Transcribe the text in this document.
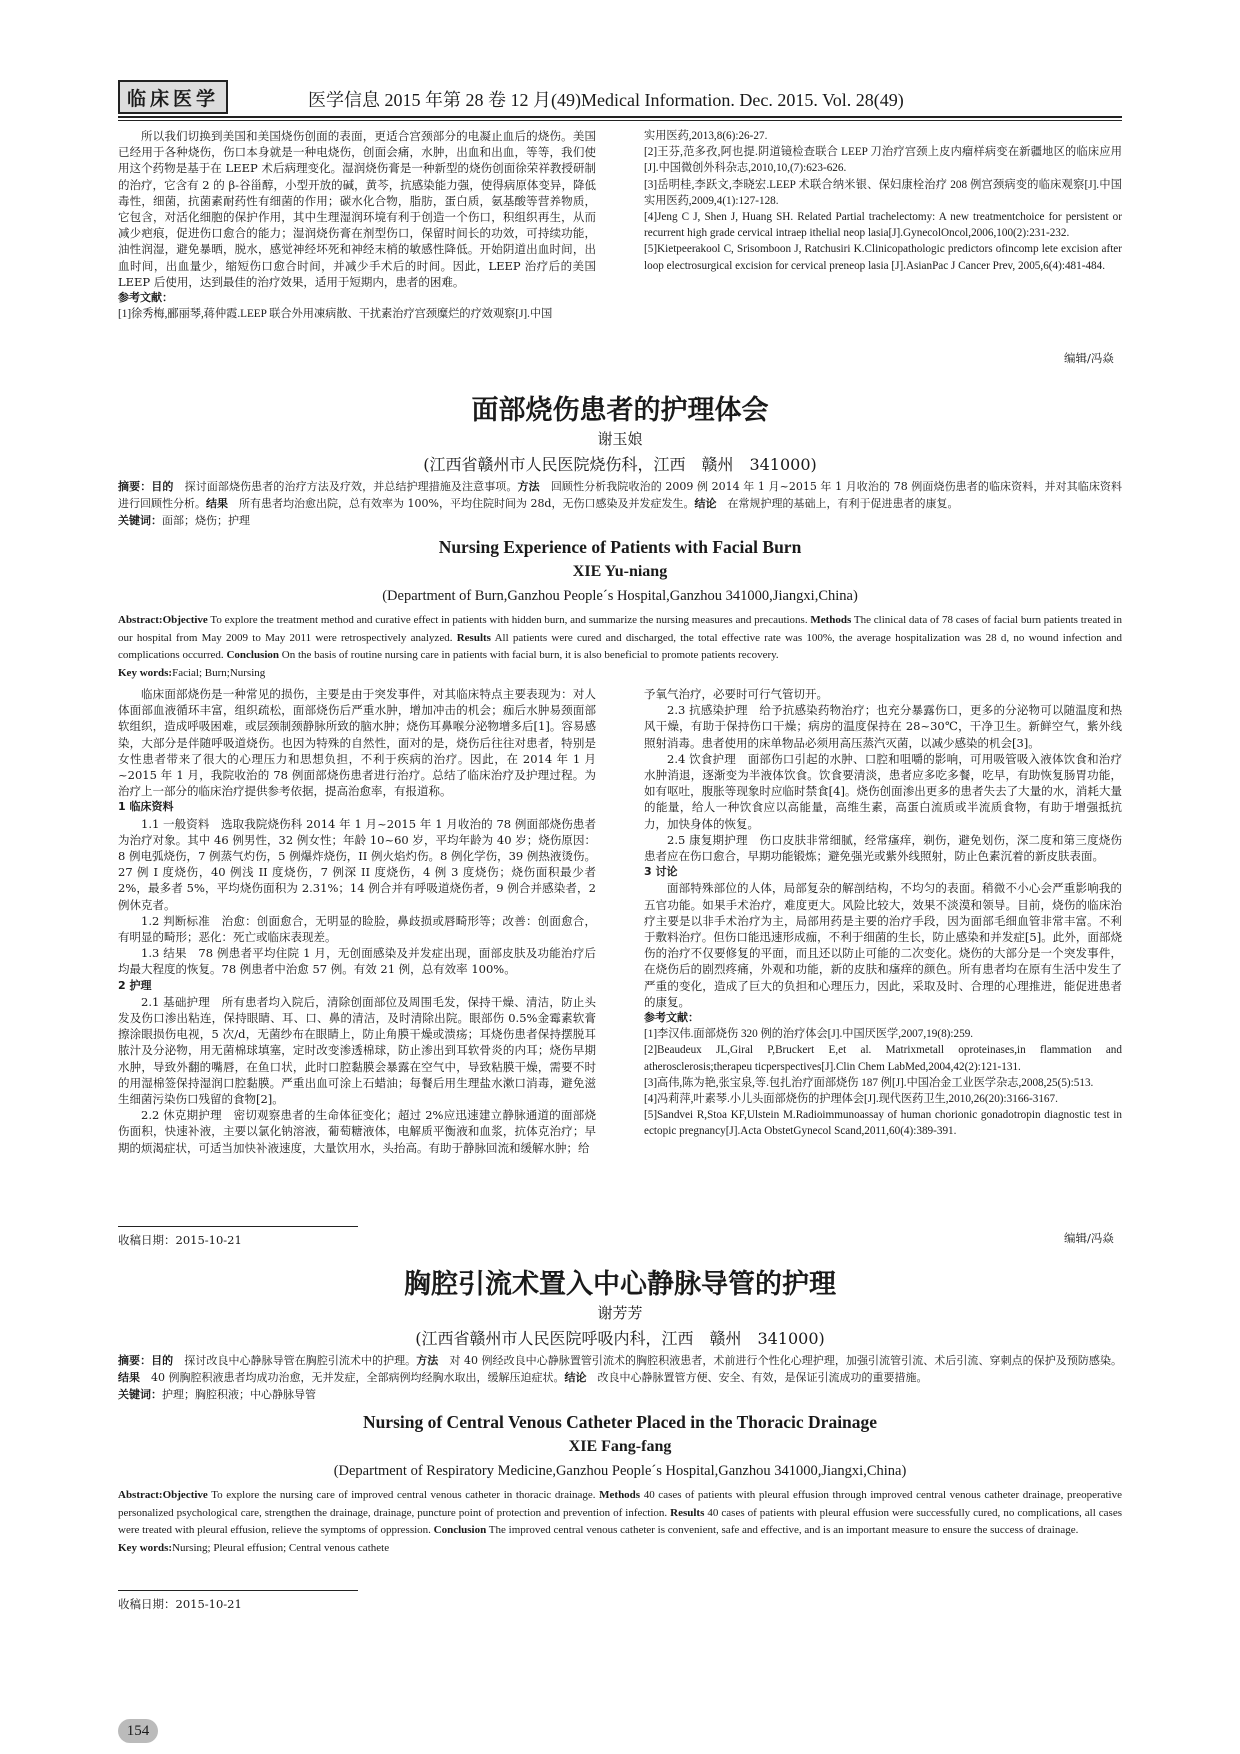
临床医学	医学信息 2015 年第 28 卷 12 月(49)Medical Information. Dec. 2015. Vol. 28(49)

所以我们切换到美国和美国烧伤创面的表面，更适合宫颈部分的电凝止血后的烧伤。美国已经用于各种烧伤，伤口本身就是一种电烧伤，创面会痛，水肿，出血和出血，等等，我们使用这个药物是基于在 LEEP 术后病理变化。湿润烧伤膏是一种新型的烧伤创面徐荣祥教授研制的治疗，它含有 2 的 β-谷甾醇，小型开放的碱，黄芩，抗感染能力强，使得病原体变异，降低毒性，细菌，抗菌素耐药性有细菌的作用；碳水化合物，脂肪，蛋白质，氨基酸等营养物质，它包含，对活化细胞的保护作用，其中生理湿润环境有利于创造一个伤口，积组织再生，从而减少疤痕，促进伤口愈合的能力；湿润烧伤膏在剂型伤口，保留时间长的功效，可持续功能，油性润湿，避免暴晒，脱水，感觉神经坏死和神经末梢的敏感性降低。开始阴道出血时间，出血时间，出血量少，缩短伤口愈合时间，并减少手术后的时间。因此，LEEP 治疗后的美国 LEEP 后使用，达到最佳的治疗效果，适用于短期内，患者的困难。

参考文献：
[1]徐秀梅,郦丽琴,蒋仲霞.LEEP 联合外用凍病散、干扰素治疗宫颈糜烂的疗效观察[J].中国
实用医药,2013,8(6):26-27.
[2]王芬,范多孜,阿也提.阴道镜检查联合 LEEP 刀治疗宫颈上皮内瘤样病变在新疆地区的临床应用[J].中国微创外科杂志,2010,10,(7):623-626.
[3]岳明桂,李跃文,李晓宏.LEEP 术联合纳米银、保妇康栓治疗 208 例宫颈病变的临床观察[J].中国实用医药,2009,4(1):127-128.
[4]Jeng C J, Shen J, Huang SH. Related Partial trachelectomy: A new treatmentchoice for persistent or recurrent high grade cervical intraep ithelial neop lasia[J].GynecolOncol,2006,100(2):231-232.
[5]Kietpeerakool C, Srisomboon J, Ratchusiri K.Clinicopathologic predictors ofincomp lete excision after loop electrosurgical excision for cervical preneop lasia [J].AsianPac J Cancer Prev, 2005,6(4):481-484.
编辑/冯焱
面部烧伤患者的护理体会
谢玉娘
(江西省赣州市人民医院烧伤科，江西　赣州　341000)
摘要：目的　探讨面部烧伤患者的治疗方法及疗效，并总结护理措施及注意事项。方法　回顾性分析我院收治的 2009 例 2014 年 1 月~2015 年 1 月收治的 78 例面烧伤患者的临床资料，并对其临床资料进行回顾性分析。结果　所有患者均治愈出院，总有效率为 100%，平均住院时间为 28d，无伤口感染及并发症发生。结论　在常规护理的基础上，有利于促进患者的康复。
关键词：面部；烧伤；护理
Nursing Experience of Patients with Facial Burn
XIE Yu-niang
(Department of Burn,Ganzhou People´s Hospital,Ganzhou 341000,Jiangxi,China)
Abstract:Objective To explore the treatment method and curative effect in patients with hidden burn, and summarize the nursing measures and precautions. Methods The clinical data of 78 cases of facial burn patients treated in our hospital from May 2009 to May 2011 were retrospectively analyzed. Results All patients were cured and discharged, the total effective rate was 100%, the average hospitalization was 28 d, no wound infection and complications occurred. Conclusion On the basis of routine nursing care in patients with facial burn, it is also beneficial to promote patients recovery.
Key words:Facial; Burn;Nursing

临床面部烧伤是一种常见的损伤，主要是由于突发事件，对其临床特点主要表现为：对人体面部血液循环丰富，组织疏松，面部烧伤后严重水肿，增加冲击的机会；痂后水肿易颈面部软组织，造成呼吸困难，或层颈制颈静脉所致的脑水肿；烧伤耳鼻喉分泌物增多后[1]。容易感染，大部分是伴随呼吸道烧伤。也因为特殊的自然性，面对的是，烧伤后往往对患者，特别是女性患者带来了很大的心理压力和思想负担，不利于疾病的治疗。因此，在 2014 年 1 月~2015 年 1 月，我院收治的 78 例面部烧伤患者进行治疗。总结了临床治疗及护理过程。为治疗上一部分的临床治疗提供参考依据，提高治愈率，有报道称。

1 临床资料

1.1 一般资料　选取我院烧伤科 2014 年 1 月~2015 年 1 月收治的 78 例面部烧伤患者为治疗对象。其中 46 例男性，32 例女性；年龄 10~60 岁，平均年龄为 40 岁；烧伤原因：8 例电弧烧伤，7 例蒸气灼伤，5 例爆炸烧伤，II 例火焰灼伤。8 例化学伤，39 例热液烫伤。27 例 I 度烧伤，40 例浅 II 度烧伤，7 例深 II 度烧伤，4 例 3 度烧伤；烧伤面积最少者 2%，最多者 5%，平均烧伤面积为 2.31%；14 例合并有呼吸道烧伤者，9 例合并感染者，2 例休克者。

1.2 判断标准　治愈：创面愈合，无明显的睑脸，鼻歧损或唇畸形等；改善：创面愈合，有明显的畸形；恶化：死亡或临床表现差。

1.3 结果　78 例患者平均住院 1 月，无创面感染及并发症出现，面部皮肤及功能治疗后均最大程度的恢复。78 例患者中治愈 57 例。有效 21 例，总有效率 100%。

2 护理

2.1 基础护理　所有患者均入院后，清除创面部位及周围毛发，保持干燥、清洁，防止头发及伤口渗出粘连，保持眼睛、耳、口、鼻的清洁，及时清除出院。眼部伤 0.5%金霉素软膏擦涂眼损伤电视，5 次/d，无菌纱布在眼睛上，防止角膜干燥或溃疡；耳烧伤患者保持摆脱耳脓汁及分泌物，用无菌棉球填塞，定时改变渗透棉球，防止渗出到耳软骨炎的内耳；烧伤早期水肿，导致外翻的嘴唇，在鱼口状，此时口腔黏膜会暴露在空气中，导致粘膜干燥，需要不时的用湿棉签保持湿润口腔黏膜。严重出血可涂上石蜡油；每餐后用生理盐水漱口消毒，避免滋生细菌污染伤口残留的食物[2]。

2.2 休克期护理　密切观察患者的生命体征变化；超过 2%应迅速建立静脉通道的面部烧伤面积，快速补液，主要以氯化钠溶液，葡萄糖液体，电解质平衡液和血浆，抗体克治疗；早期的烦渴症状，可适当加快补液速度，大量饮用水，头抬高。有助于静脉回流和缓解水肿；给

予氧气治疗，必要时可行气管切开。

2.3 抗感染护理　给予抗感染药物治疗；也充分暴露伤口，更多的分泌物可以随温度和热风干燥，有助于保持伤口干燥；病房的温度保持在 28~30℃，干净卫生。新鲜空气，紫外线照射消毒。患者使用的床单物品必须用高压蒸汽灭菌，以减少感染的机会[3]。

2.4 饮食护理　面部伤口引起的水肿、口腔和咀嚼的影响，可用吸管吸入液体饮食和治疗水肿消退，逐渐变为半液体饮食。饮食要清淡，患者应多吃多餐，吃早，有助恢复肠胃功能，如有呕吐，腹胀等现象时应临时禁食[4]。烧伤创面渗出更多的患者失去了大量的水，消耗大量的能量，给人一种饮食应以高能量，高维生素，高蛋白流质或半流质食物，有助于增强抵抗力，加快身体的恢复。

2.5 康复期护理　伤口皮肤非常细腻，经常瘙痒，剃伤，避免划伤，深二度和第三度烧伤患者应在伤口愈合，早期功能锻炼；避免强光或紫外线照射，防止色素沉着的新皮肤表面。

3 讨论

面部特殊部位的人体，局部复杂的解剖结构，不均匀的表面。稍微不小心会严重影响我的五官功能。如果手术治疗，难度更大。风险比较大，效果不淡漠和领导。目前，烧伤的临床治疗主要是以非手术治疗为主，局部用药是主要的治疗手段，因为面部毛细血管非常丰富。不利于敷料治疗。但伤口能迅速形成痂，不利于细菌的生长，防止感染和并发症[5]。此外，面部烧伤的治疗不仅要修复的平面，而且还以防止可能的二次变化。烧伤的大部分是一个突发事件，在烧伤后的剧烈疼痛，外观和功能，新的皮肤和瘙痒的颜色。所有患者均在原有生活中发生了严重的变化，造成了巨大的负担和心理压力，因此，采取及时、合理的心理推进，能促进患者的康复。

参考文献：
[1]李汉伟.面部烧伤 320 例的治疗体会[J].中国厌医学,2007,19(8):259.
[2]Beaudeux JL,Giral P,Bruckert E,et al. Matrixmetall oproteinases,in flammation and atherosclerosis;therapeu ticperspectives[J].Clin Chem LabMed,2004,42(2):121-131.
[3]高伟,陈为艳,张宝泉,等.包扎治疗面部烧伤 187 例[J].中国冶金工业医学杂志,2008,25(5):513.
[4]冯莉萍,叶素琴.小儿头面部烧伤的护理体会[J].现代医药卫生,2010,26(20):3166-3167.
[5]Sandvei R,Stoa KF,Ulstein M.Radioimmunoassay of human chorionic gonadotropin diagnostic test in ectopic pregnancy[J].Acta ObstetGynecol Scand,2011,60(4):389-391.
编辑/冯焱
收稿日期：2015-10-21
胸腔引流术置入中心静脉导管的护理
谢芳芳
(江西省赣州市人民医院呼吸内科，江西　赣州　341000)
摘要：目的　探讨改良中心静脉导管在胸腔引流术中的护理。方法　对 40 例经改良中心静脉置管引流术的胸腔积液患者，术前进行个性化心理护理，加强引流管引流、术后引流、穿刺点的保护及预防感染。结果　40 例胸腔积液患者均成功治愈，无并发症，全部病例均经胸水取出，缓解压迫症状。结论　改良中心静脉置管方便、安全、有效，是保证引流成功的重要措施。
关键词：护理；胸腔积液；中心静脉导管
Nursing of Central Venous Catheter Placed in the Thoracic Drainage
XIE Fang-fang
(Department of Respiratory Medicine,Ganzhou People´s Hospital,Ganzhou 341000,Jiangxi,China)
Abstract:Objective To explore the nursing care of improved central venous catheter in thoracic drainage. Methods 40 cases of patients with pleural effusion through improved central venous catheter drainage, preoperative personalized psychological care, strengthen the drainage, drainage, puncture point of protection and prevention of infection. Results 40 cases of patients with pleural effusion were successfully cured, no complications, all cases were treated with pleural effusion, relieve the symptoms of oppression. Conclusion The improved central venous catheter is convenient, safe and effective, and is an important measure to ensure the success of drainage.
Key words:Nursing; Pleural effusion; Central venous cathete
收稿日期：2015-10-21
154
